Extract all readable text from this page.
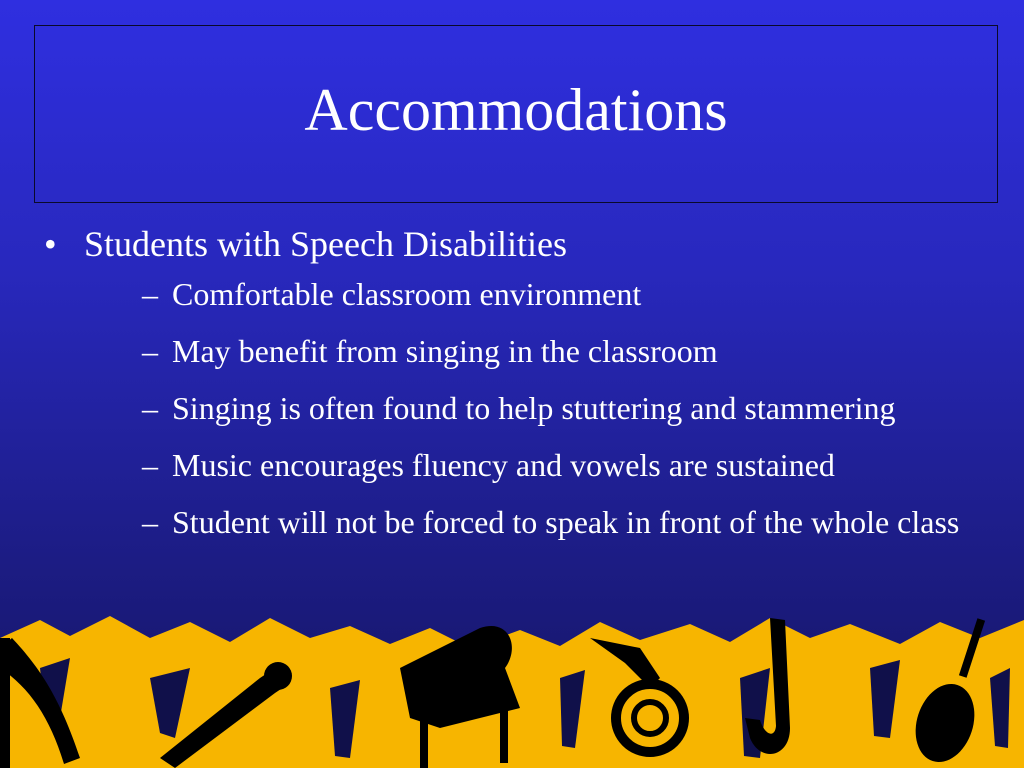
Accommodations
• Students with Speech Disabilities
– Comfortable classroom environment
– May benefit from singing in the classroom
– Singing is often found to help stuttering and stammering
– Music encourages fluency and vowels are sustained
– Student will not be forced to speak in front of the whole class
